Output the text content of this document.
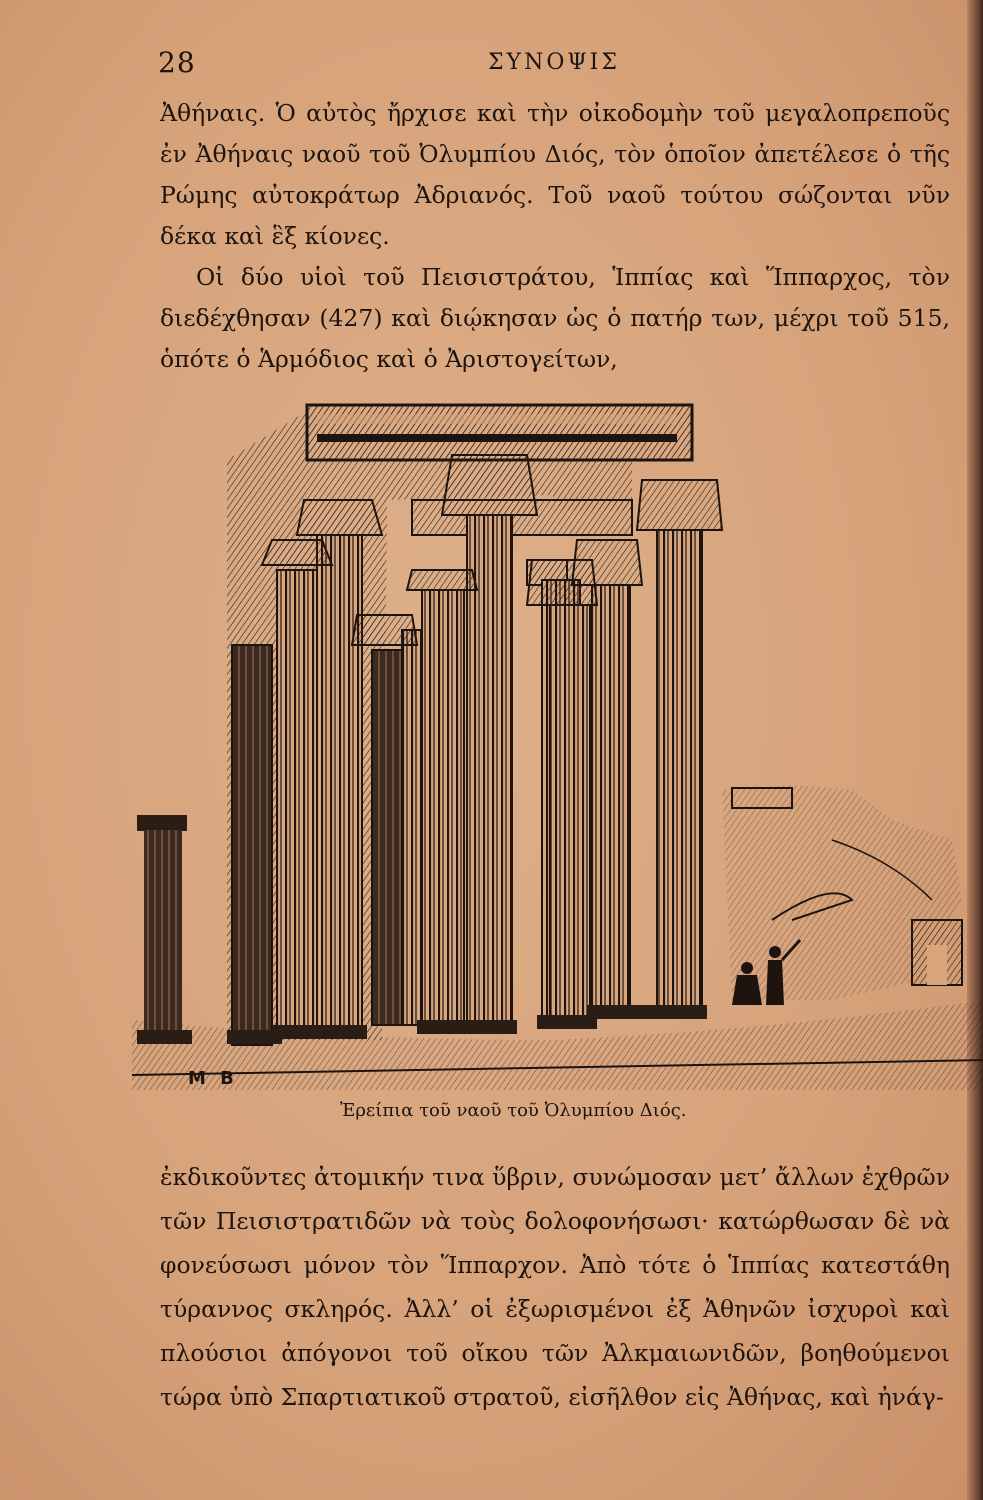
28	ΣΥΝΟΨΙΣ

Ἀθήναις. Ὁ αὐτὸς ἤρχισε καὶ τὴν οἰκοδομὴν τοῦ μεγαλοπρεποῦς ἐν Ἀθήναις ναοῦ τοῦ Ὀλυμπίου Διός, τὸν ὁποῖον ἀπετέλεσε ὁ τῆς Ρώμης αὐτοκράτωρ Ἀδριανός. Τοῦ ναοῦ τούτου σώζονται νῦν δέκα καὶ ἓξ κίονες.

Οἱ δύο υἱοὶ τοῦ Πεισιστράτου, Ἱππίας καὶ Ἵππαρχος, τὸν διεδέχθησαν (427) καὶ διῴκησαν ὡς ὁ πατήρ των, μέχρι τοῦ 515, ὁπότε ὁ Ἁρμόδιος καὶ ὁ Ἀριστογείτων,

M B
Ἐρείπια τοῦ ναοῦ τοῦ Ὀλυμπίου Διός.

ἐκδικοῦντες ἀτομικήν τινα ὕβριν, συνώμοσαν μετ’ ἄλλων ἐχθρῶν τῶν Πεισιστρατιδῶν νὰ τοὺς δολοφονήσωσι· κατώρθωσαν δὲ νὰ φονεύσωσι μόνον τὸν Ἵππαρχον. Ἀπὸ τότε ὁ Ἱππίας κατεστάθη τύραννος σκληρός. Ἀλλ’ οἱ ἐξωρισμένοι ἐξ Ἀθηνῶν ἰσχυροὶ καὶ πλούσιοι ἀπόγονοι τοῦ οἴκου τῶν Ἀλκμαιωνιδῶν, βοηθούμενοι τώρα ὑπὸ Σπαρτιατικοῦ στρατοῦ, εἰσῆλθον εἰς Ἀθήνας, καὶ ἠνάγ-
